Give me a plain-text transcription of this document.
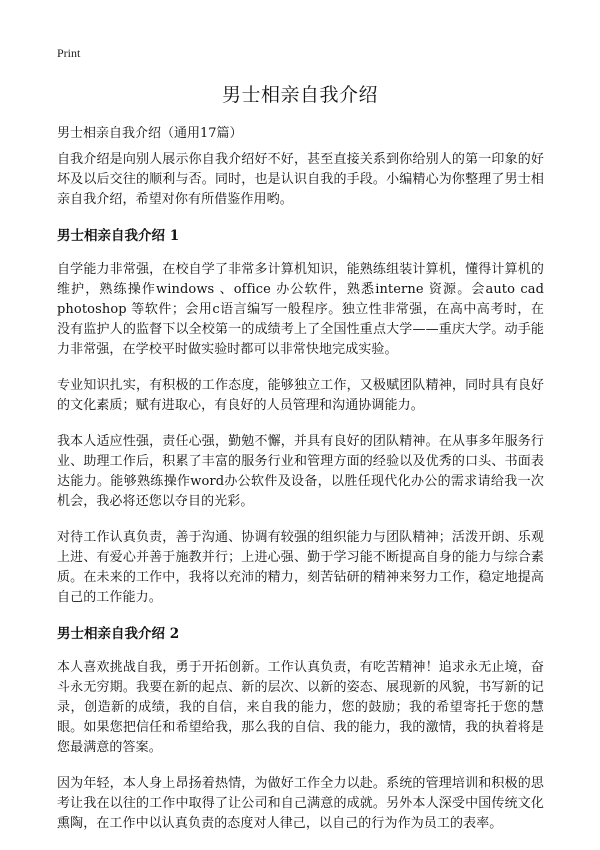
Print
男士相亲自我介绍

男士相亲自我介绍（通用17篇）

自我介绍是向别人展示你自我介绍好不好，甚至直接关系到你给别人的第一印象的好坏及以后交往的顺利与否。同时，也是认识自我的手段。小编精心为你整理了男士相亲自我介绍，希望对你有所借鉴作用哟。

男士相亲自我介绍 1

自学能力非常强，在校自学了非常多计算机知识，能熟练组装计算机，懂得计算机的维护，熟练操作windows 、office 办公软件，熟悉interne 资源。会auto cad photoshop 等软件；会用c语言编写一般程序。独立性非常强，在高中高考时，在没有监护人的监督下以全校第一的成绩考上了全国性重点大学——重庆大学。动手能力非常强，在学校平时做实验时都可以非常快地完成实验。

专业知识扎实，有积极的工作态度，能够独立工作，又极赋团队精神，同时具有良好的文化素质；赋有进取心，有良好的人员管理和沟通协调能力。

我本人适应性强，责任心强，勤勉不懈，并具有良好的团队精神。在从事多年服务行业、助理工作后，积累了丰富的服务行业和管理方面的经验以及优秀的口头、书面表达能力。能够熟练操作word办公软件及设备，以胜任现代化办公的需求请给我一次机会，我必将还您以夺目的光彩。

对待工作认真负责，善于沟通、协调有较强的组织能力与团队精神；活泼开朗、乐观上进、有爱心并善于施教并行；上进心强、勤于学习能不断提高自身的能力与综合素质。在未来的工作中，我将以充沛的精力，刻苦钻研的精神来努力工作，稳定地提高自己的工作能力。

男士相亲自我介绍 2

本人喜欢挑战自我，勇于开拓创新。工作认真负责，有吃苦精神！追求永无止境，奋斗永无穷期。我要在新的起点、新的层次、以新的姿态、展现新的风貌，书写新的记录，创造新的成绩，我的自信，来自我的能力，您的鼓励；我的希望寄托于您的慧眼。如果您把信任和希望给我，那么我的自信、我的能力，我的激情，我的执着将是您最满意的答案。

因为年轻，本人身上昂扬着热情，为做好工作全力以赴。系统的管理培训和积极的思考让我在以往的工作中取得了让公司和自己满意的成就。另外本人深受中国传统文化熏陶，在工作中以认真负责的态度对人律己，以自己的行为作为员工的表率。
